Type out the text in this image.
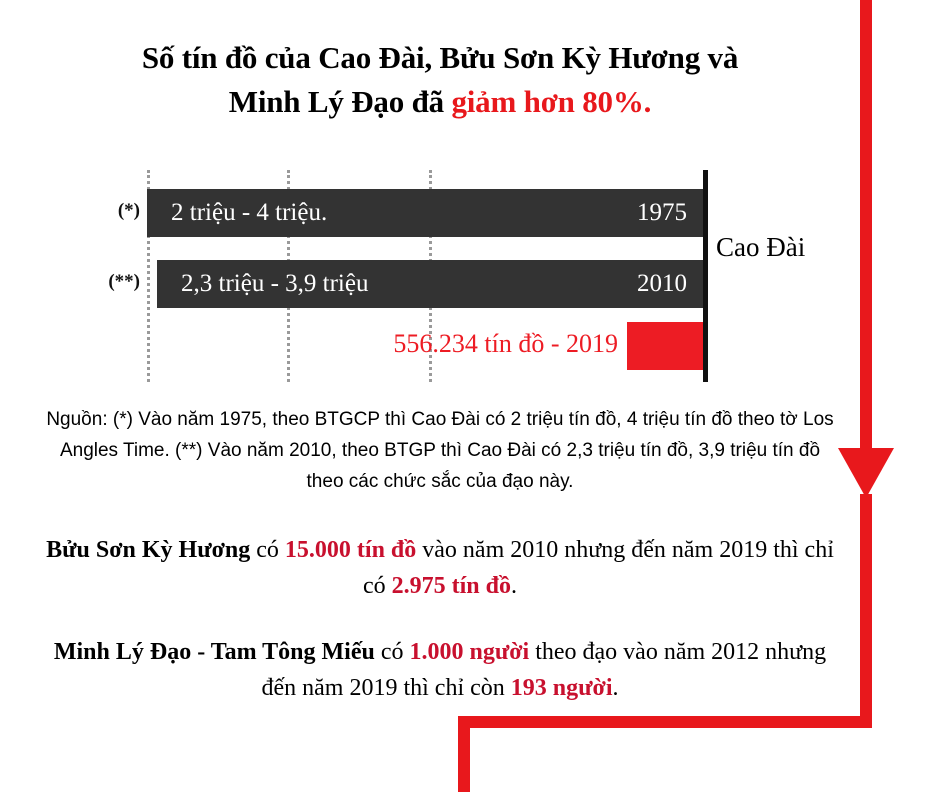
Số tín đồ của Cao Đài, Bửu Sơn Kỳ Hương và
Minh Lý Đạo đã giảm hơn 80%.
(*)
(**)
2 triệu - 4 triệu.	1975
2,3 triệu - 3,9 triệu	2010
556.234 tín đồ - 2019
Cao Đài
Nguồn: (*) Vào năm 1975, theo BTGCP thì Cao Đài có 2 triệu tín đồ, 4 triệu tín đồ theo tờ Los Angles Time. (**) Vào năm 2010, theo BTGP thì Cao Đài có 2,3 triệu tín đồ, 3,9 triệu tín đồ theo các chức sắc của đạo này.
Bửu Sơn Kỳ Hương có 15.000 tín đồ vào năm 2010 nhưng đến năm 2019 thì chỉ có 2.975 tín đồ.
Minh Lý Đạo - Tam Tông Miếu có 1.000 người theo đạo vào năm 2012 nhưng đến năm 2019 thì chỉ còn 193 người.
